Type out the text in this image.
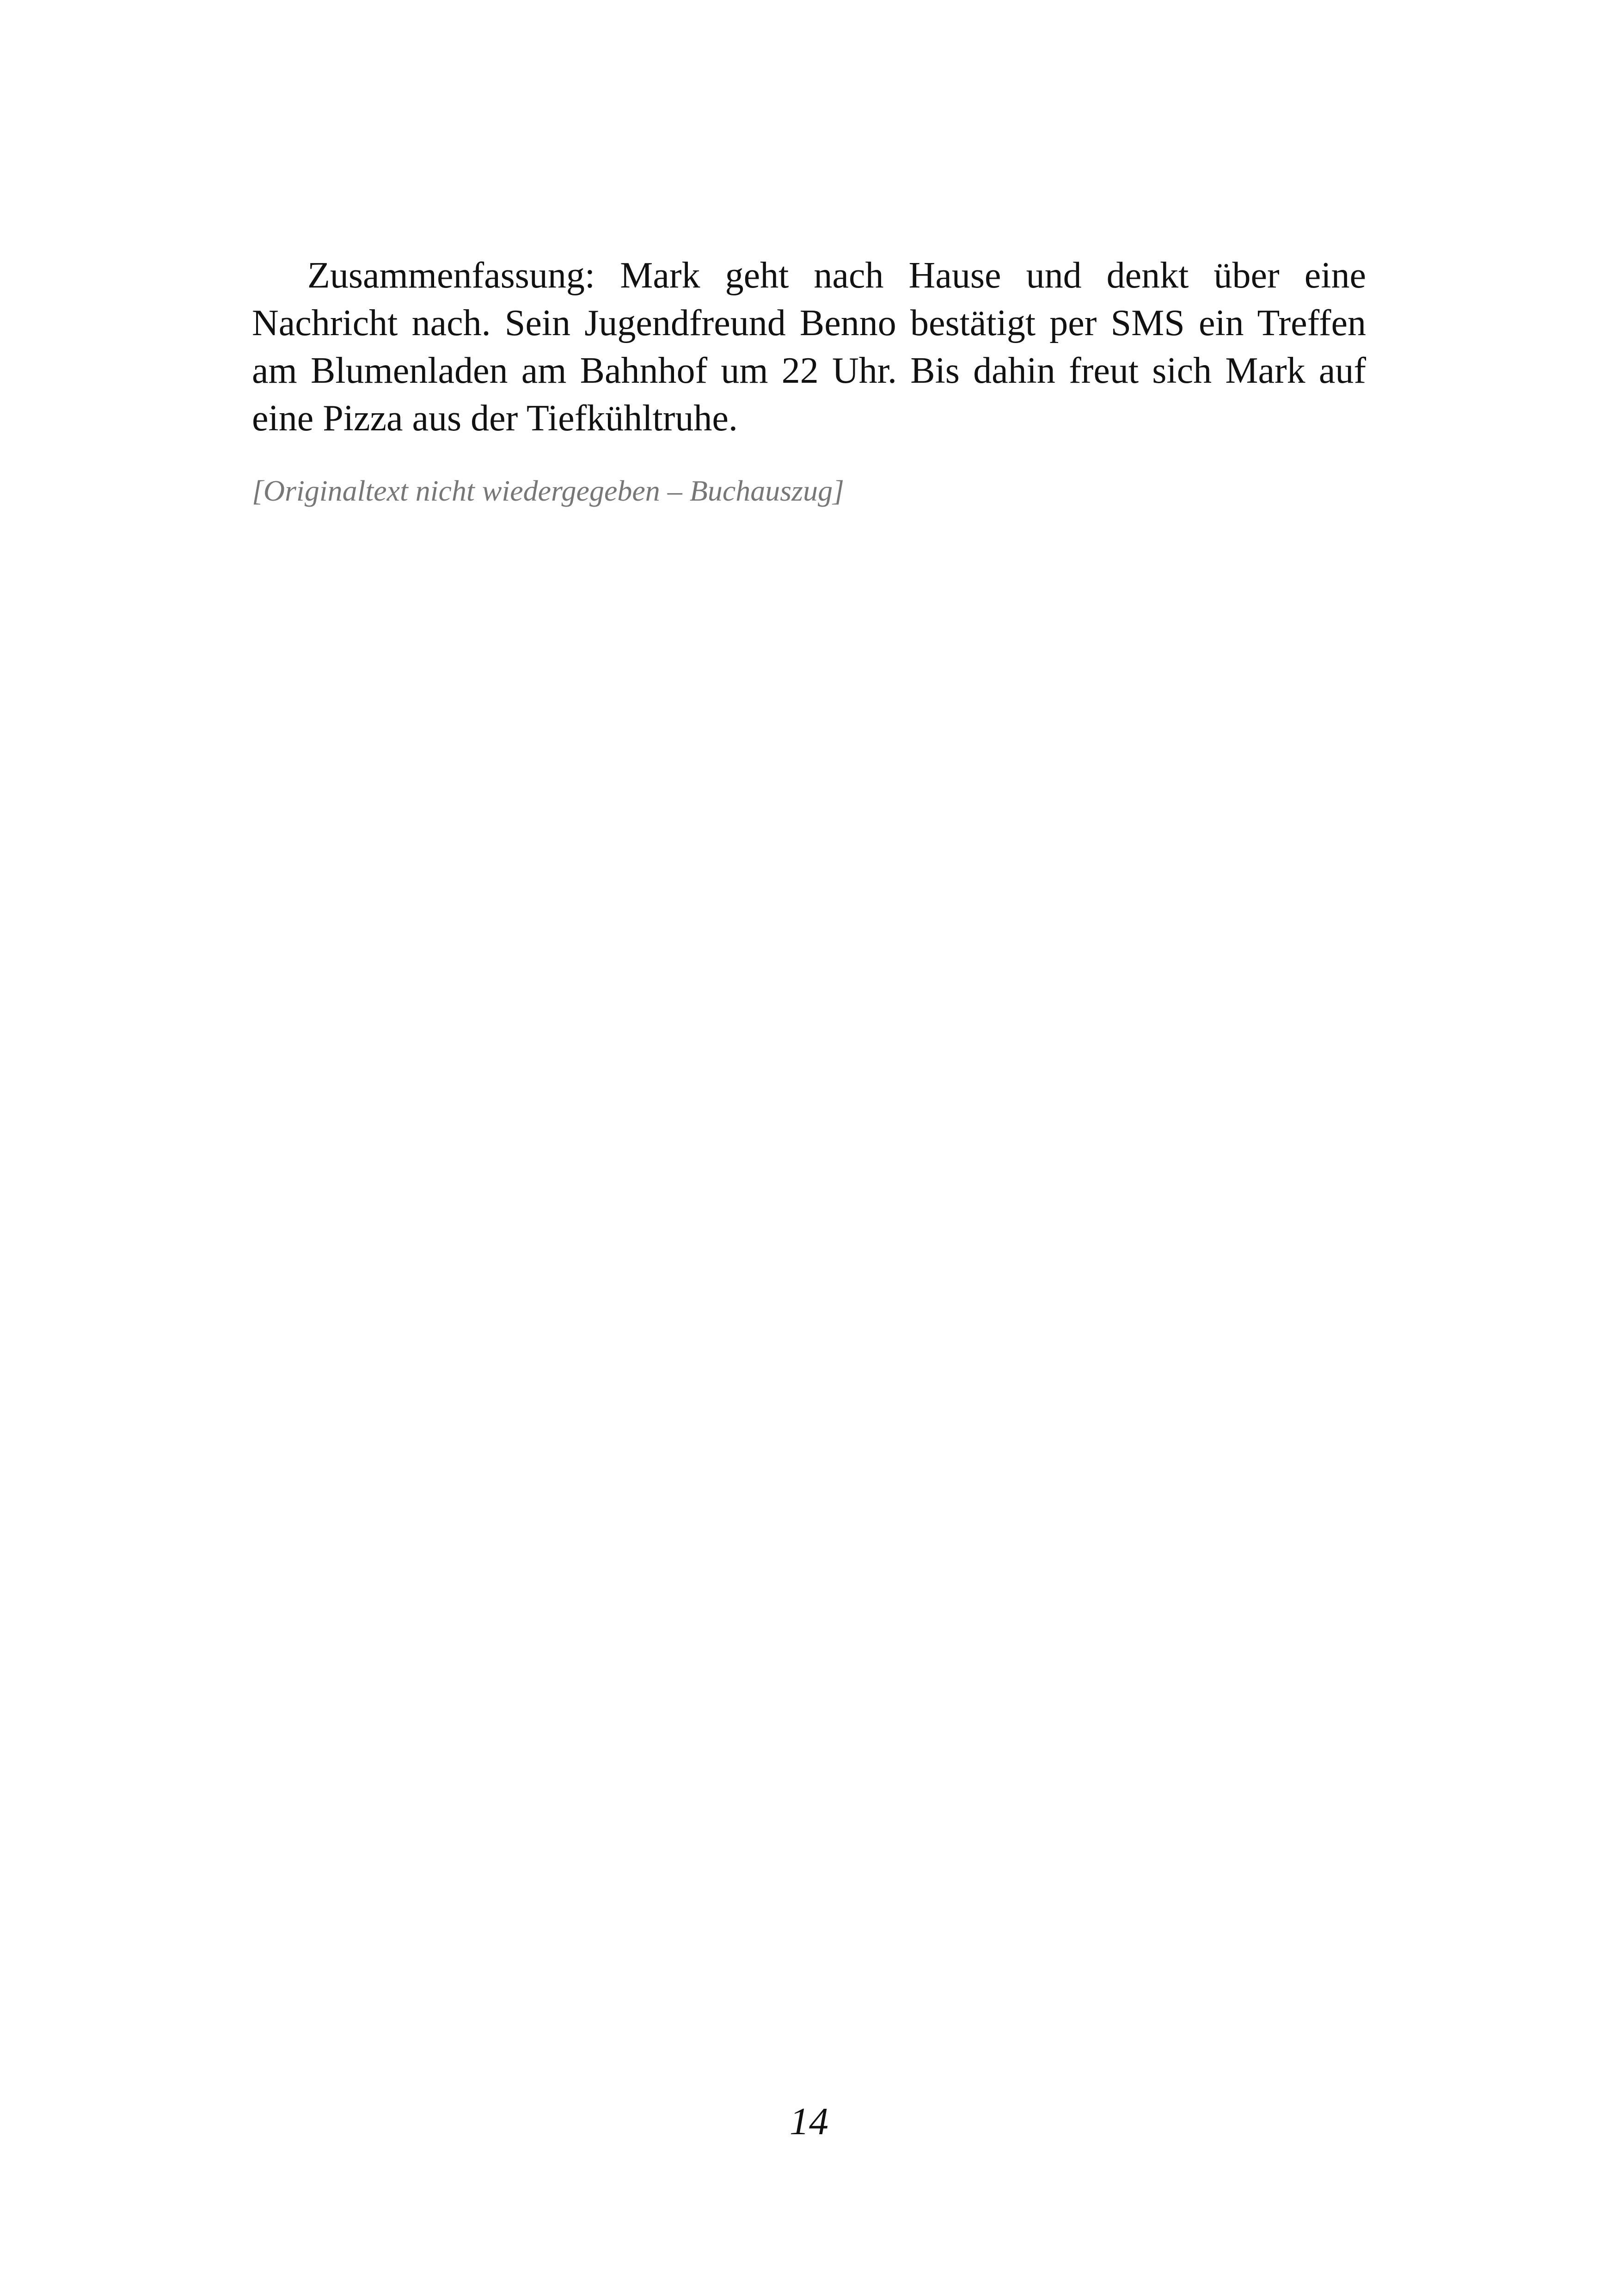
Zusammenfassung: Mark geht nach Hause und denkt über eine Nachricht nach. Sein Jugendfreund Benno bestätigt per SMS ein Treffen am Blumenladen am Bahnhof um 22 Uhr. Bis dahin freut sich Mark auf eine Pizza aus der Tiefkühltruhe.

[Originaltext nicht wiedergegeben – Buchauszug]

14
